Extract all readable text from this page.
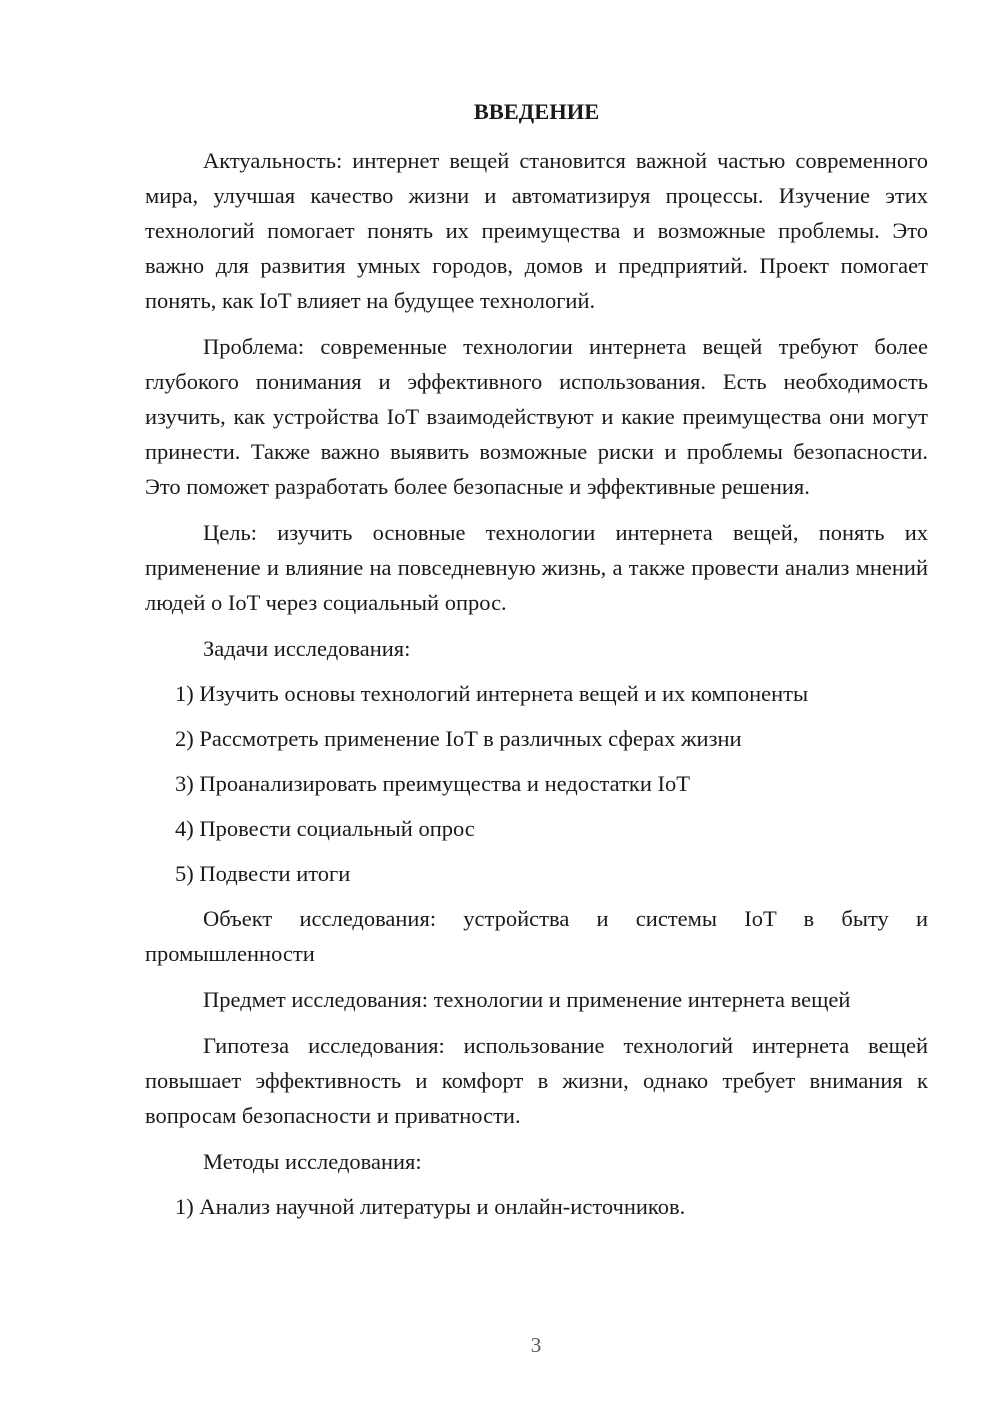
ВВЕДЕНИЕ

Актуальность: интернет вещей становится важной частью современного мира, улучшая качество жизни и автоматизируя процессы. Изучение этих технологий помогает понять их преимущества и возможные проблемы. Это важно для развития умных городов, домов и предприятий. Проект помогает понять, как IoT влияет на будущее технологий.

Проблема: современные технологии интернета вещей требуют более глубокого понимания и эффективного использования. Есть необходимость изучить, как устройства IoT взаимодействуют и какие преимущества они могут принести. Также важно выявить возможные риски и проблемы безопасности. Это поможет разработать более безопасные и эффективные решения.

Цель: изучить основные технологии интернета вещей, понять их применение и влияние на повседневную жизнь, а также провести анализ мнений людей о IoT через социальный опрос.

Задачи исследования:

1) Изучить основы технологий интернета вещей и их компоненты

2) Рассмотреть применение IoT в различных сферах жизни

3) Проанализировать преимущества и недостатки IoT

4) Провести социальный опрос

5) Подвести итоги

Объект исследования: устройства и системы IoT в быту и промышленности

Предмет исследования: технологии и применение интернета вещей

Гипотеза исследования: использование технологий интернета вещей повышает эффективность и комфорт в жизни, однако требует внимания к вопросам безопасности и приватности.

Методы исследования:

1) Анализ научной литературы и онлайн-источников.

3
